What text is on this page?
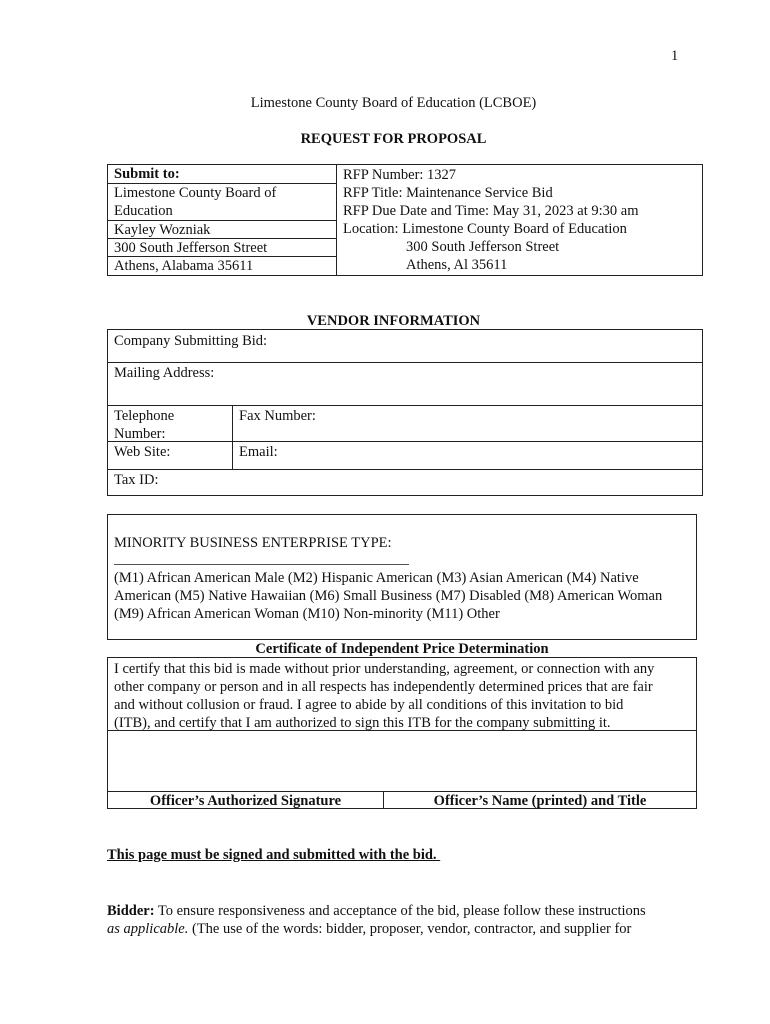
1
Limestone County Board of Education (LCBOE)
REQUEST FOR PROPOSAL
Submit to:
Limestone County Board of
Education
Kayley Wozniak
300 South Jefferson Street
Athens, Alabama 35611
RFP Number: 1327
RFP Title: Maintenance Service Bid
RFP Due Date and Time: May 31, 2023 at 9:30 am
Location: Limestone County Board of Education
300 South Jefferson Street
Athens, Al 35611
VENDOR INFORMATION
Company Submitting Bid:
Mailing Address:
Telephone
Number:
Fax Number:
Web Site:	Email:
Tax ID:
MINORITY BUSINESS ENTERPRISE TYPE:
(M1) African American Male (M2) Hispanic American (M3) Asian American (M4) Native
American (M5) Native Hawaiian (M6) Small Business (M7) Disabled (M8) American Woman
(M9) African American Woman (M10) Non-minority (M11) Other
Certificate of Independent Price Determination
I certify that this bid is made without prior understanding, agreement, or connection with any
other company or person and in all respects has independently determined prices that are fair
and without collusion or fraud. I agree to abide by all conditions of this invitation to bid
(ITB), and certify that I am authorized to sign this ITB for the company submitting it.
Officer’s Authorized Signature	Officer’s Name (printed) and Title
This page must be signed and submitted with the bid.
Bidder: To ensure responsiveness and acceptance of the bid, please follow these instructions
as applicable. (The use of the words: bidder, proposer, vendor, contractor, and supplier for
